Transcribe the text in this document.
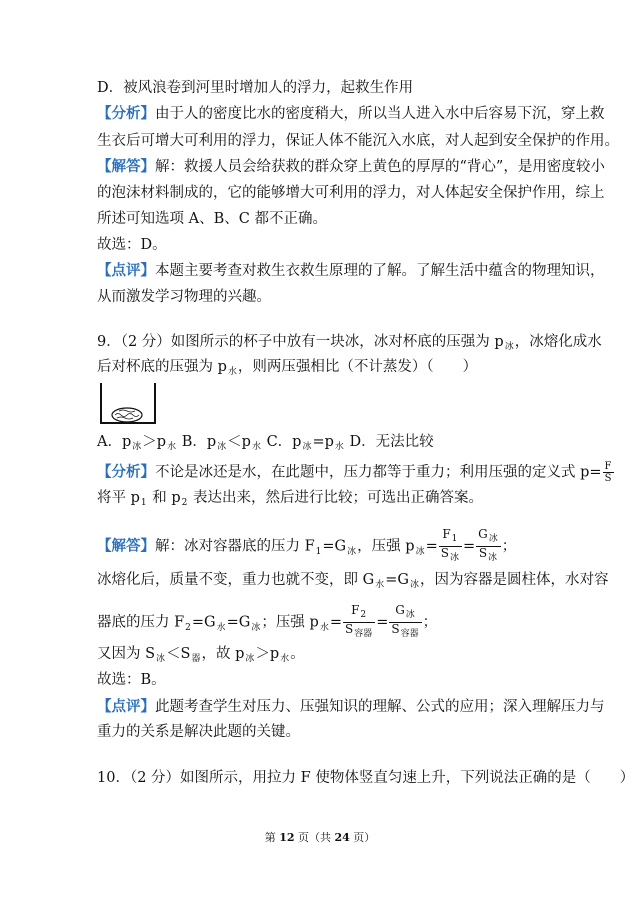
D．被风浪卷到河里时增加人的浮力，起救生作用
【分析】由于人的密度比水的密度稍大，所以当人进入水中后容易下沉，穿上救
生衣后可增大可利用的浮力，保证人体不能沉入水底，对人起到安全保护的作用。
【解答】解：救援人员会给获救的群众穿上黄色的厚厚的“背心”，是用密度较小
的泡沫材料制成的，它的能够增大可利用的浮力，对人体起安全保护作用，综上
所述可知选项 A、B、C 都不正确。
故选：D。
【点评】本题主要考查对救生衣救生原理的了解。了解生活中蕴含的物理知识，
从而激发学习物理的兴趣。
9．（2 分）如图所示的杯子中放有一块冰，冰对杯底的压强为 $p_冰$，冰熔化成水
后对杯底的压强为 $p_水$，则两压强相比（不计蒸发）（　　）
A．$p_冰>p_水$ B．$p_冰<p_水$ C．$p_冰=p_水$ D．无法比较
【分析】不论是冰还是水，在此题中，压力都等于重力；利用压强的定义式 $p= \frac{F}{S}$
将平 $p_1$ 和 $p_2$ 表达出来，然后进行比较；可选出正确答案。
【解答】解：冰对容器底的压力 $F_1=G_冰$，压强 $p_冰= \frac{F_1}{S_冰} = \frac{G_冰}{S_冰}$ ；
冰熔化后，质量不变，重力也就不变，即 $G_水=G_冰$，因为容器是圆柱体，水对容
器底的压力 $F_2=G_水=G_冰$；压强 $p_水= \frac{F_2}{S_{容器}} = \frac{G_冰}{S_{容器}}$ ；
又因为 $S_冰<S_器$，故 $p_冰>p_水$。
故选：B。
【点评】此题考查学生对压力、压强知识的理解、公式的应用；深入理解压力与
重力的关系是解决此题的关键。
10．（2 分）如图所示，用拉力 F 使物体竖直匀速上升，下列说法正确的是（　　）
第 12 页（共 24 页）
